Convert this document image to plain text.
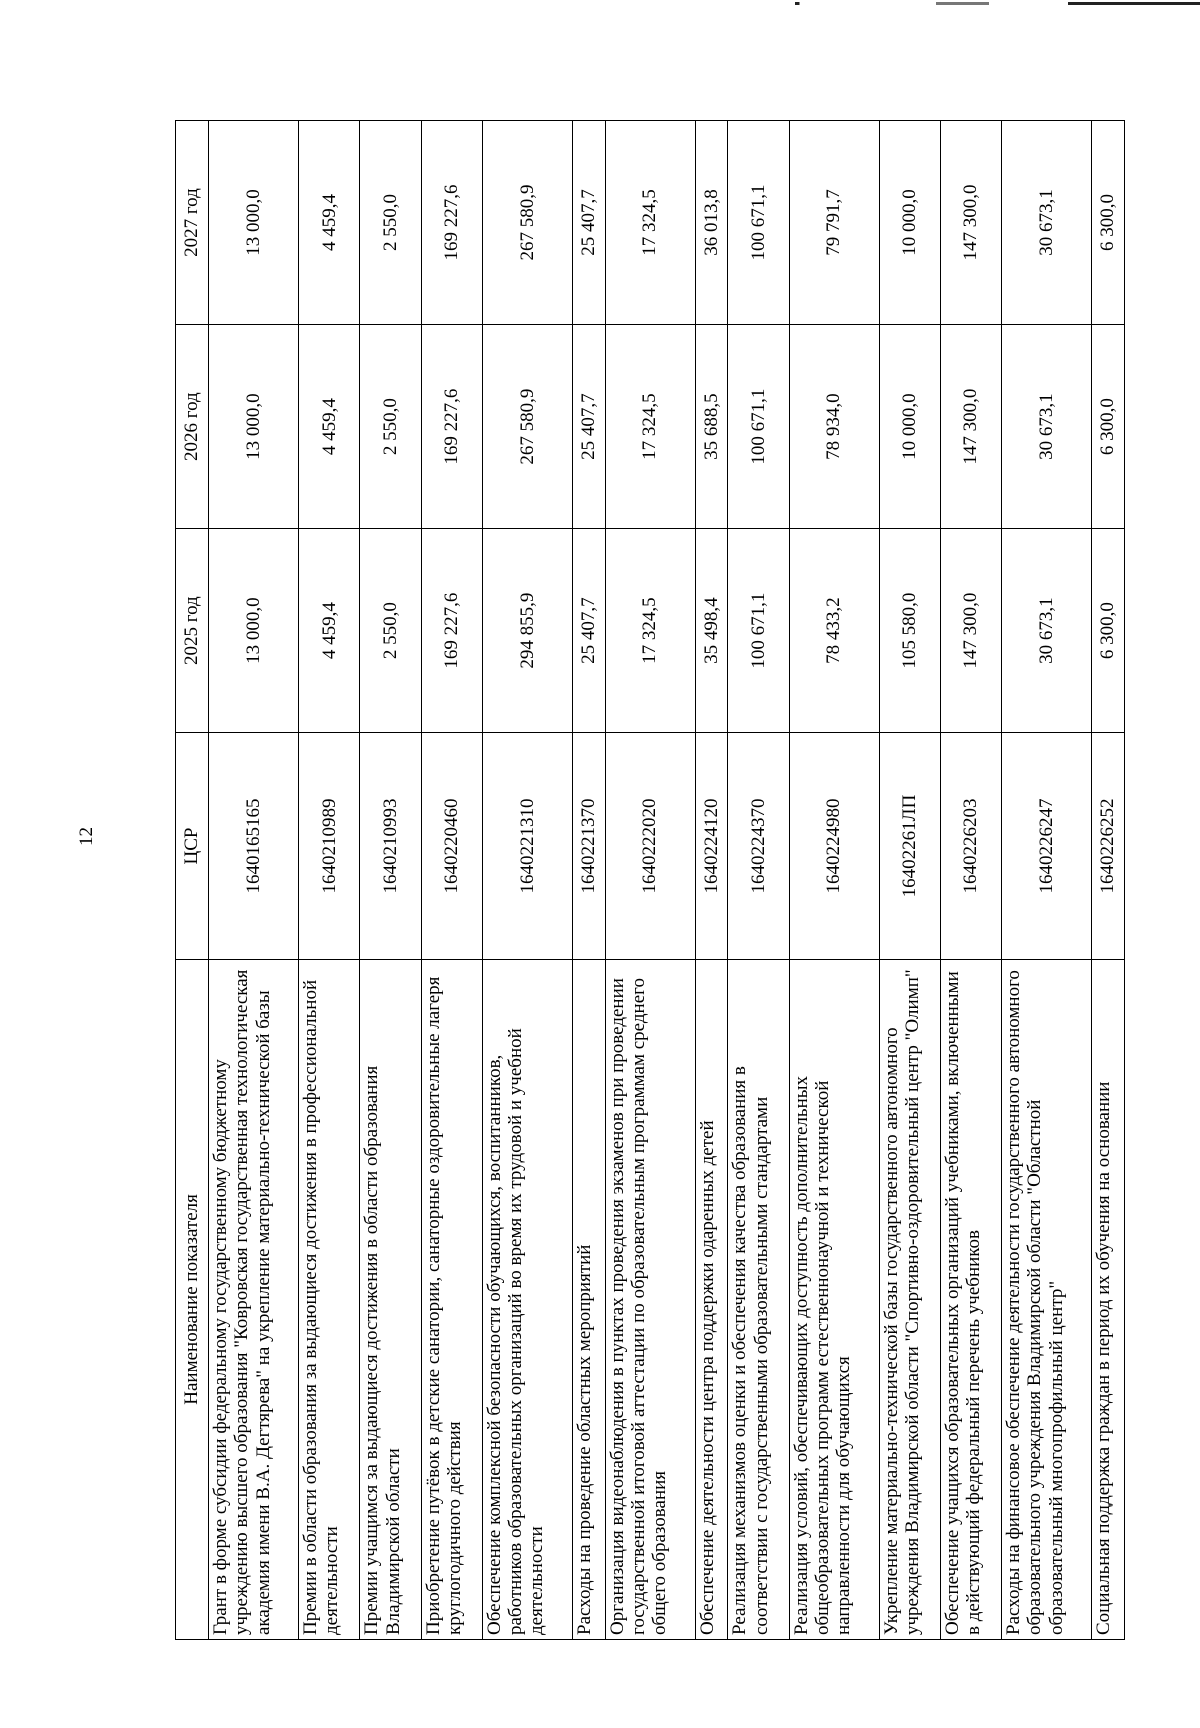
12
Наименование показателя	ЦСР	2025 год	2026 год	2027 год
Грант в форме субсидии федеральному государственному бюджетному учреждению высшего образования "Ковровская государственная технологическая академия имени В.А. Дегтярева" на укрепление материально-технической базы	1640165165	13 000,0	13 000,0	13 000,0
Премии в области образования за выдающиеся достижения в профессиональной деятельности	1640210989	4 459,4	4 459,4	4 459,4
Премии учащимся за выдающиеся достижения в области образования Владимирской области	1640210993	2 550,0	2 550,0	2 550,0
Приобретение путёвок в детские санатории, санаторные оздоровительные лагеря круглогодичного действия	1640220460	169 227,6	169 227,6	169 227,6
Обеспечение комплексной безопасности обучающихся, воспитанников, работников образовательных организаций во время их трудовой и учебной деятельности	1640221310	294 855,9	267 580,9	267 580,9
Расходы на проведение областных мероприятий	1640221370	25 407,7	25 407,7	25 407,7
Организация видеонаблюдения в пунктах проведения экзаменов при проведении государственной итоговой аттестации по образовательным программам среднего общего образования	1640222020	17 324,5	17 324,5	17 324,5
Обеспечение деятельности центра поддержки одаренных детей	1640224120	35 498,4	35 688,5	36 013,8
Реализация механизмов оценки и обеспечения качества образования в соответствии с государственными образовательными стандартами	1640224370	100 671,1	100 671,1	100 671,1
Реализация условий, обеспечивающих доступность дополнительных общеобразовательных программ естественнонаучной и технической направленности для обучающихся	1640224980	78 433,2	78 934,0	79 791,7
Укрепление материально-технической базы государственного автономного учреждения Владимирской области "Спортивно-оздоровительный центр "Олимп"	16402261ЛП	105 580,0	10 000,0	10 000,0
Обеспечение учащихся образовательных организаций учебниками, включенными в действующий федеральный перечень учебников	1640226203	147 300,0	147 300,0	147 300,0
Расходы на финансовое обеспечение деятельности государственного автономного образовательного учреждения Владимирской области "Областной образовательный многопрофильный центр"	1640226247	30 673,1	30 673,1	30 673,1
Социальная поддержка граждан в период их обучения на основании	1640226252	6 300,0	6 300,0	6 300,0
